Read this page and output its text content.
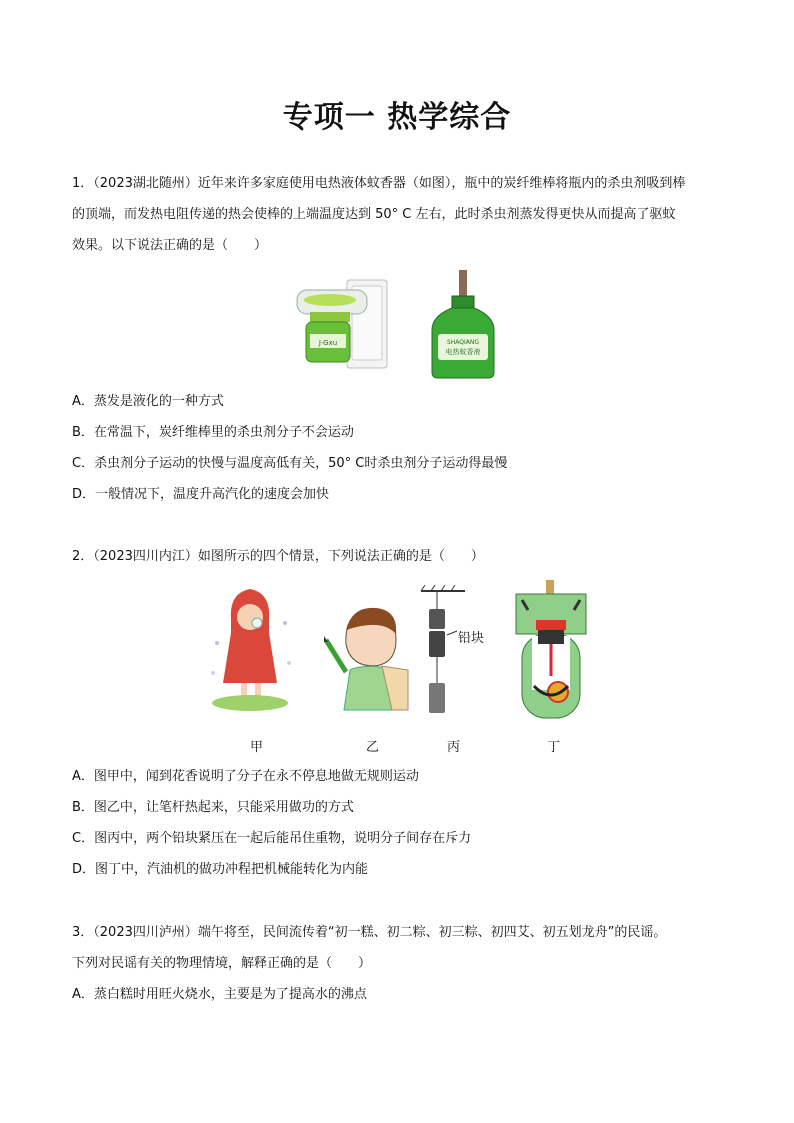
专项一 热学综合
1．（2023湖北随州）近年来许多家庭使用电热液体蚊香器（如图），瓶中的炭纤维棒将瓶内的杀虫剂吸到棒
的顶端，而发热电阻传递的热会使棒的上端温度达到 50° C 左右，此时杀虫剂蒸发得更快从而提高了驱蚊
效果。以下说法正确的是（　　）
J·Gxu	SHAQIANG
电热蚊香液
A．蒸发是液化的一种方式
B．在常温下，炭纤维棒里的杀虫剂分子不会运动
C．杀虫剂分子运动的快慢与温度高低有关，50° C时杀虫剂分子运动得最慢
D．一般情况下，温度升高汽化的速度会加快
2．（2023四川内江）如图所示的四个情景，下列说法正确的是（　　）
铅块
甲	乙	丙	丁
A．图甲中，闻到花香说明了分子在永不停息地做无规则运动
B．图乙中，让笔杆热起来，只能采用做功的方式
C．图丙中，两个铅块紧压在一起后能吊住重物，说明分子间存在斥力
D．图丁中，汽油机的做功冲程把机械能转化为内能
3．（2023四川泸州）端午将至，民间流传着“初一糕、初二粽、初三粽、初四艾、初五划龙舟”的民谣。
下列对民谣有关的物理情境，解释正确的是（　　）
A．蒸白糕时用旺火烧水，主要是为了提高水的沸点
